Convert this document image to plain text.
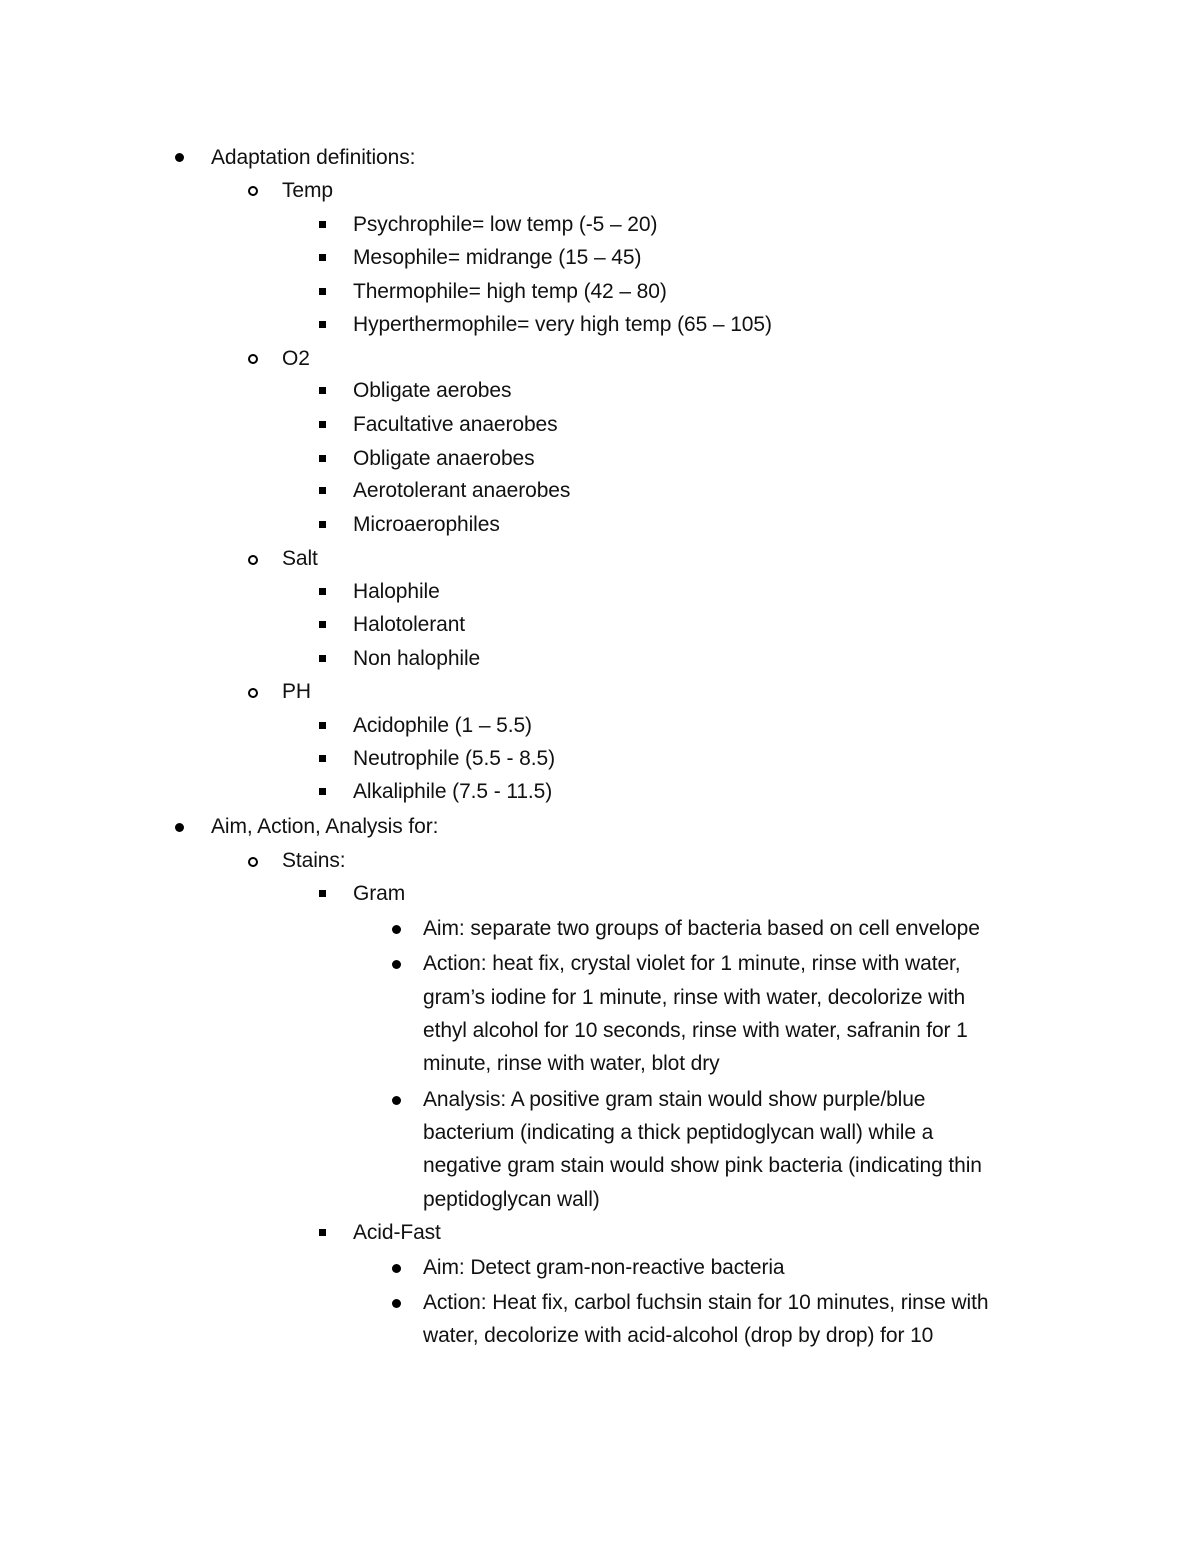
Adaptation definitions:
Temp
Psychrophile= low temp (-5 – 20)
Mesophile= midrange (15 – 45)
Thermophile= high temp (42 – 80)
Hyperthermophile= very high temp (65 – 105)
O2
Obligate aerobes
Facultative anaerobes
Obligate anaerobes
Aerotolerant anaerobes
Microaerophiles
Salt
Halophile
Halotolerant
Non halophile
PH
Acidophile (1 – 5.5)
Neutrophile (5.5 - 8.5)
Alkaliphile (7.5 - 11.5)
Aim, Action, Analysis for:
Stains:
Gram
Aim: separate two groups of bacteria based on cell envelope
Action: heat fix, crystal violet for 1 minute, rinse with water,
gram’s iodine for 1 minute, rinse with water, decolorize with
ethyl alcohol for 10 seconds, rinse with water, safranin for 1
minute, rinse with water, blot dry
Analysis: A positive gram stain would show purple/blue
bacterium (indicating a thick peptidoglycan wall) while a
negative gram stain would show pink bacteria (indicating thin
peptidoglycan wall)
Acid-Fast
Aim: Detect gram-non-reactive bacteria
Action: Heat fix, carbol fuchsin stain for 10 minutes, rinse with
water, decolorize with acid-alcohol (drop by drop) for 10
